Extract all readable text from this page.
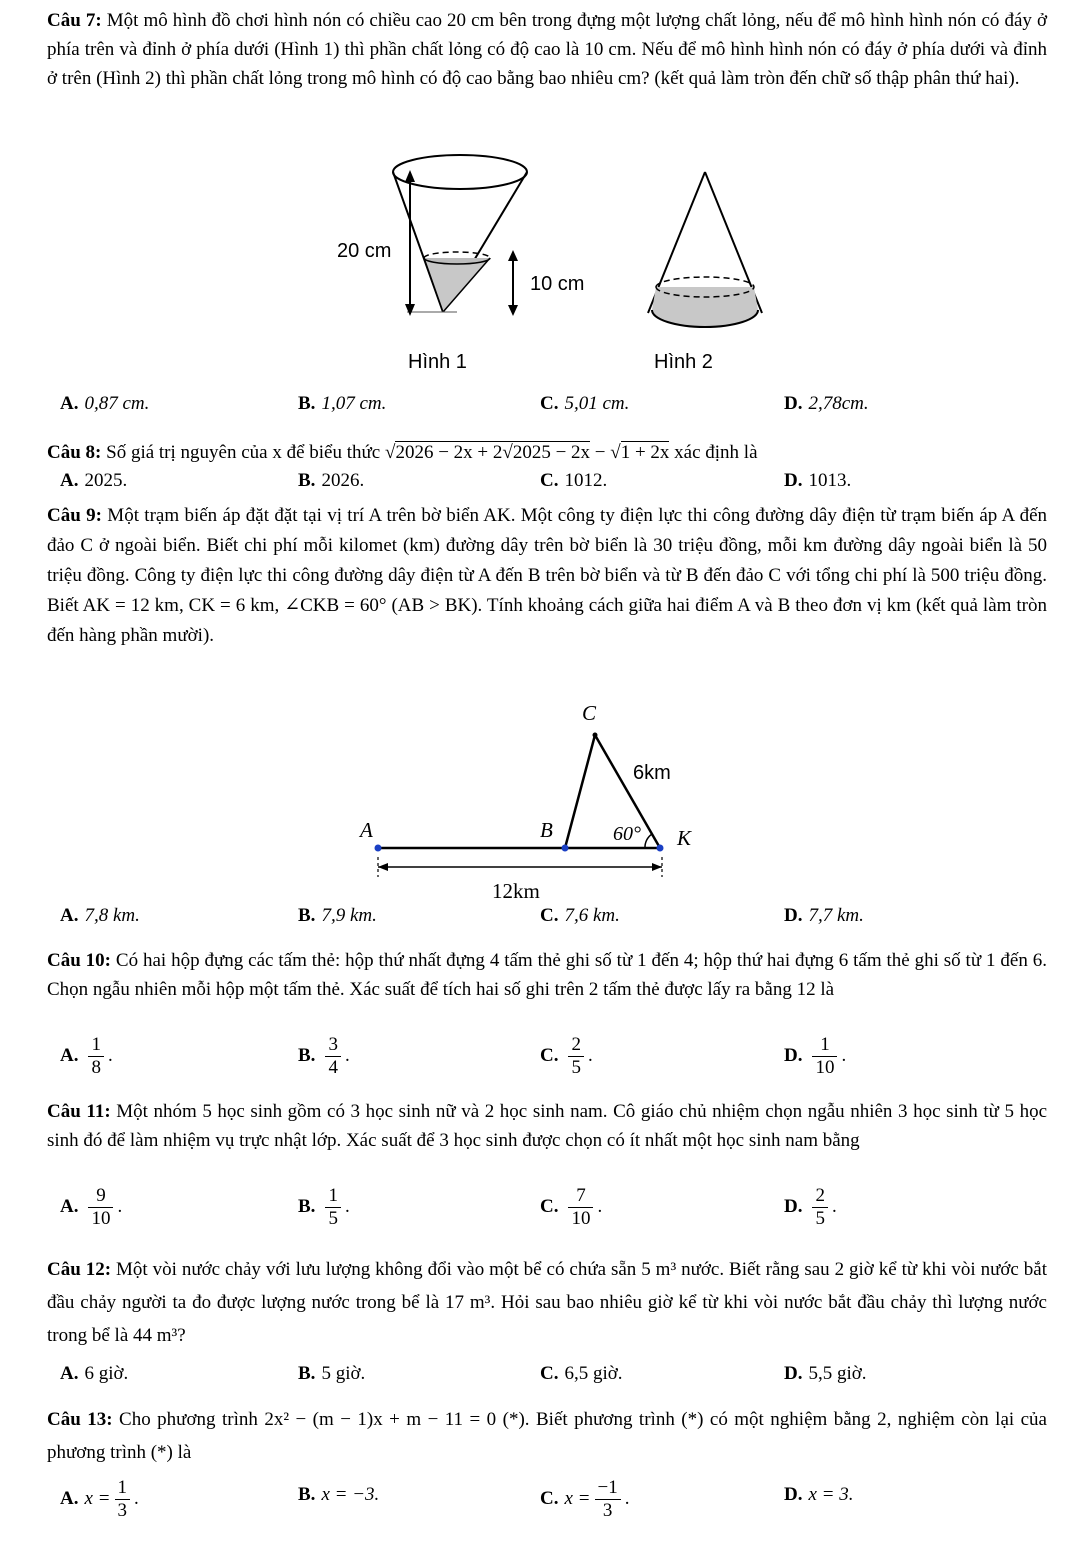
Câu 7: Một mô hình đồ chơi hình nón có chiều cao 20 cm bên trong đựng một lượng chất lỏng, nếu để mô hình hình nón có đáy ở phía trên và đỉnh ở phía dưới (Hình 1) thì phần chất lỏng có độ cao là 10 cm. Nếu để mô hình hình nón có đáy ở phía dưới và đỉnh ở trên (Hình 2) thì phần chất lỏng trong mô hình có độ cao bằng bao nhiêu cm? (kết quả làm tròn đến chữ số thập phân thứ hai).
20 cm
10 cm
Hình 1	Hình 2
A. 0,87 cm.	B. 1,07 cm.	C. 5,01 cm.	D. 2,78cm.
Câu 8: Số giá trị nguyên của x để biểu thức √2026 − 2x + 2√2025 − 2x − √1 + 2x xác định là
A. 2025.	B. 2026.	C. 1012.	D. 1013.
Câu 9: Một trạm biến áp đặt đặt tại vị trí A trên bờ biển AK. Một công ty điện lực thi công đường dây điện từ trạm biến áp A đến đảo C ở ngoài biển. Biết chi phí mỗi kilomet (km) đường dây trên bờ biển là 30 triệu đồng, mỗi km đường dây ngoài biển là 50 triệu đồng. Công ty điện lực thi công đường dây điện từ A đến B trên bờ biển và từ B đến đảo C với tổng chi phí là 500 triệu đồng. Biết AK = 12 km, CK = 6 km, ∠CKB = 60° (AB > BK). Tính khoảng cách giữa hai điểm A và B theo đơn vị km (kết quả làm tròn đến hàng phần mười).
C
6km
A	B	60° K
12km
A. 7,8 km.	B. 7,9 km.	C. 7,6 km.	D. 7,7 km.
Câu 10: Có hai hộp đựng các tấm thẻ: hộp thứ nhất đựng 4 tấm thẻ ghi số từ 1 đến 4; hộp thứ hai đựng 6 tấm thẻ ghi số từ 1 đến 6. Chọn ngẫu nhiên mỗi hộp một tấm thẻ. Xác suất để tích hai số ghi trên 2 tấm thẻ được lấy ra bằng 12 là
A. $\frac{1}{8}$ .	B. $\frac{3}{4}$ .	C. $\frac{2}{5}$ .	D. $\frac{1}{10}$ .
Câu 11: Một nhóm 5 học sinh gồm có 3 học sinh nữ và 2 học sinh nam. Cô giáo chủ nhiệm chọn ngẫu nhiên 3 học sinh từ 5 học sinh đó để làm nhiệm vụ trực nhật lớp. Xác suất để 3 học sinh được chọn có ít nhất một học sinh nam bằng
A. $\frac{9}{10}$ .	B. $\frac{1}{5}$ .	C. $\frac{7}{10}$ .	D. $\frac{2}{5}$ .
Câu 12: Một vòi nước chảy với lưu lượng không đổi vào một bể có chứa sẵn 5 m³ nước. Biết rằng sau 2 giờ kể từ khi vòi nước bắt đầu chảy người ta đo được lượng nước trong bể là 17 m³. Hỏi sau bao nhiêu giờ kể từ khi vòi nước bắt đầu chảy thì lượng nước trong bể là 44 m³?
A. 6 giờ.	B. 5 giờ.	C. 6,5 giờ.	D. 5,5 giờ.
Câu 13: Cho phương trình 2x² − (m − 1)x + m − 11 = 0 (*). Biết phương trình (*) có một nghiệm bằng 2, nghiệm còn lại của phương trình (*) là
A. $x = \frac{1}{3}$ .	B. x = −3.	C. $x = \frac{-1}{3}$ .	D. x = 3.
